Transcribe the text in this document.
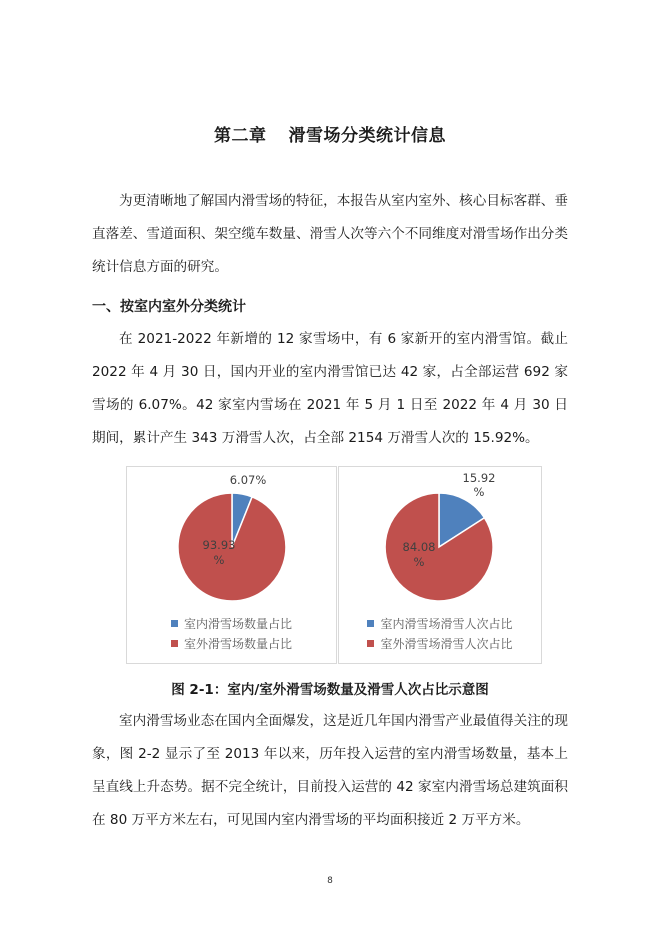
第二章 滑雪场分类统计信息
为更清晰地了解国内滑雪场的特征，本报告从室内室外、核心目标客群、垂直落差、雪道面积、架空缆车数量、滑雪人次等六个不同维度对滑雪场作出分类统计信息方面的研究。
一、按室内室外分类统计
在 2021-2022 年新增的 12 家雪场中，有 6 家新开的室内滑雪馆。截止 2022 年 4 月 30 日，国内开业的室内滑雪馆已达 42 家，占全部运营 692 家雪场的 6.07%。42 家室内雪场在 2021 年 5 月 1 日至 2022 年 4 月 30 日期间，累计产生 343 万滑雪人次，占全部 2154 万滑雪人次的 15.92%。
6.07%
93.93
%
室内滑雪场数量占比
室外滑雪场数量占比
15.92
%
84.08
%
室内滑雪场滑雪人次占比
室外滑雪场滑雪人次占比
图 2-1：室内/室外滑雪场数量及滑雪人次占比示意图
室内滑雪场业态在国内全面爆发，这是近几年国内滑雪产业最值得关注的现象，图 2-2 显示了至 2013 年以来，历年投入运营的室内滑雪场数量，基本上呈直线上升态势。据不完全统计，目前投入运营的 42 家室内滑雪场总建筑面积在 80 万平方米左右，可见国内室内滑雪场的平均面积接近 2 万平方米。
8
